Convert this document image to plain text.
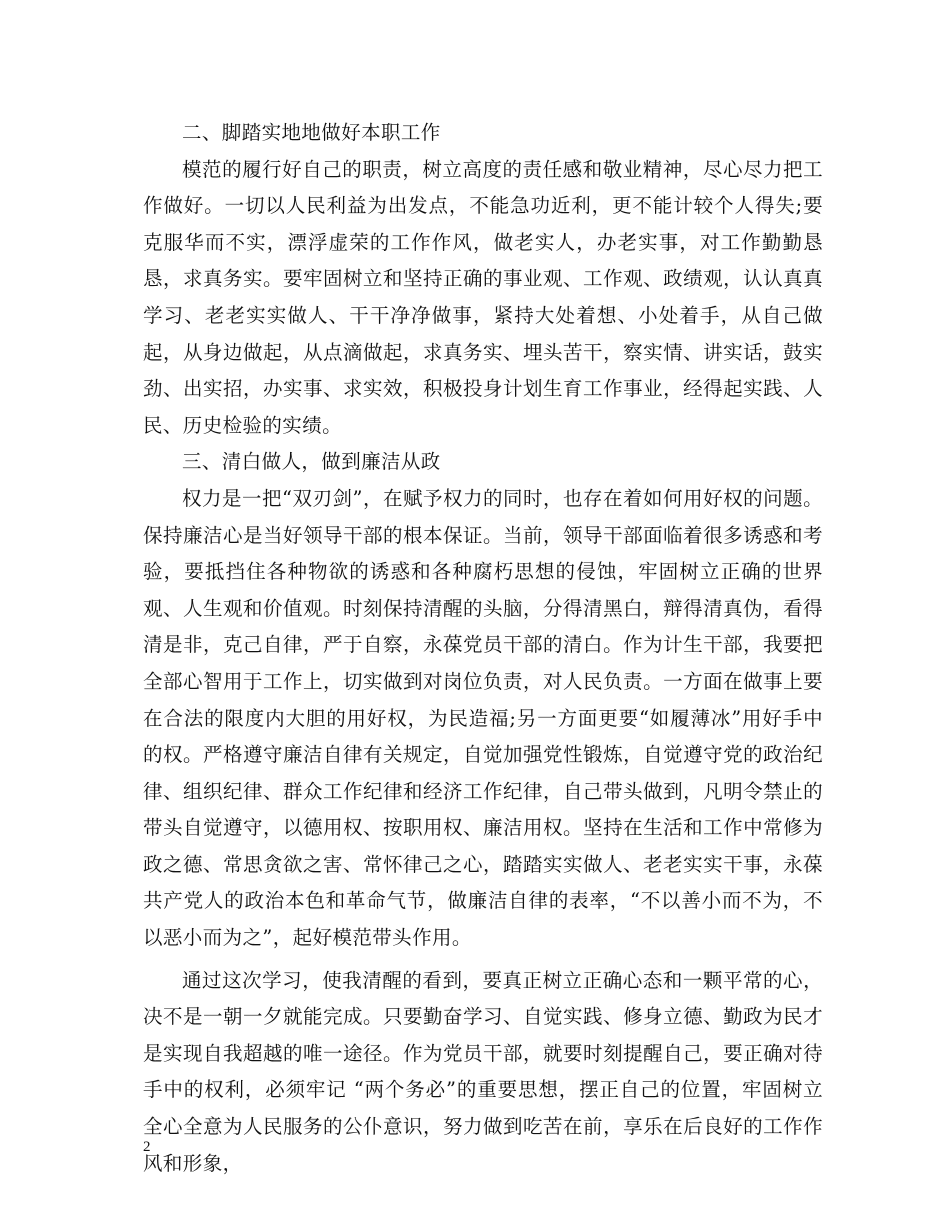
二、脚踏实地地做好本职工作

模范的履行好自己的职责，树立高度的责任感和敬业精神，尽心尽力把工作做好。一切以人民利益为出发点，不能急功近利，更不能计较个人得失;要克服华而不实，漂浮虚荣的工作作风，做老实人，办老实事，对工作勤勤恳恳，求真务实。要牢固树立和坚持正确的事业观、工作观、政绩观，认认真真学习、老老实实做人、干干净净做事，紧持大处着想、小处着手，从自己做起，从身边做起，从点滴做起，求真务实、埋头苦干，察实情、讲实话，鼓实劲、出实招，办实事、求实效，积极投身计划生育工作事业，经得起实践、人民、历史检验的实绩。

三、清白做人，做到廉洁从政

权力是一把“双刃剑”，在赋予权力的同时，也存在着如何用好权的问题。保持廉洁心是当好领导干部的根本保证。当前，领导干部面临着很多诱惑和考验，要抵挡住各种物欲的诱惑和各种腐朽思想的侵蚀，牢固树立正确的世界观、人生观和价值观。时刻保持清醒的头脑，分得清黑白，辩得清真伪，看得清是非，克己自律，严于自察，永葆党员干部的清白。作为计生干部，我要把全部心智用于工作上，切实做到对岗位负责，对人民负责。一方面在做事上要在合法的限度内大胆的用好权，为民造福;另一方面更要“如履薄冰”用好手中的权。严格遵守廉洁自律有关规定，自觉加强党性锻炼，自觉遵守党的政治纪律、组织纪律、群众工作纪律和经济工作纪律，自己带头做到，凡明令禁止的带头自觉遵守，以德用权、按职用权、廉洁用权。坚持在生活和工作中常修为政之德、常思贪欲之害、常怀律己之心，踏踏实实做人、老老实实干事，永葆共产党人的政治本色和革命气节，做廉洁自律的表率，“不以善小而不为，不以恶小而为之”，起好模范带头作用。

通过这次学习，使我清醒的看到，要真正树立正确心态和一颗平常的心，决不是一朝一夕就能完成。只要勤奋学习、自觉实践、修身立德、勤政为民才是实现自我超越的唯一途径。作为党员干部，就要时刻提醒自己，要正确对待手中的权利，必须牢记 “两个务必”的重要思想，摆正自己的位置，牢固树立全心全意为人民服务的公仆意识，努力做到吃苦在前，享乐在后良好的工作作风和形象，

2
